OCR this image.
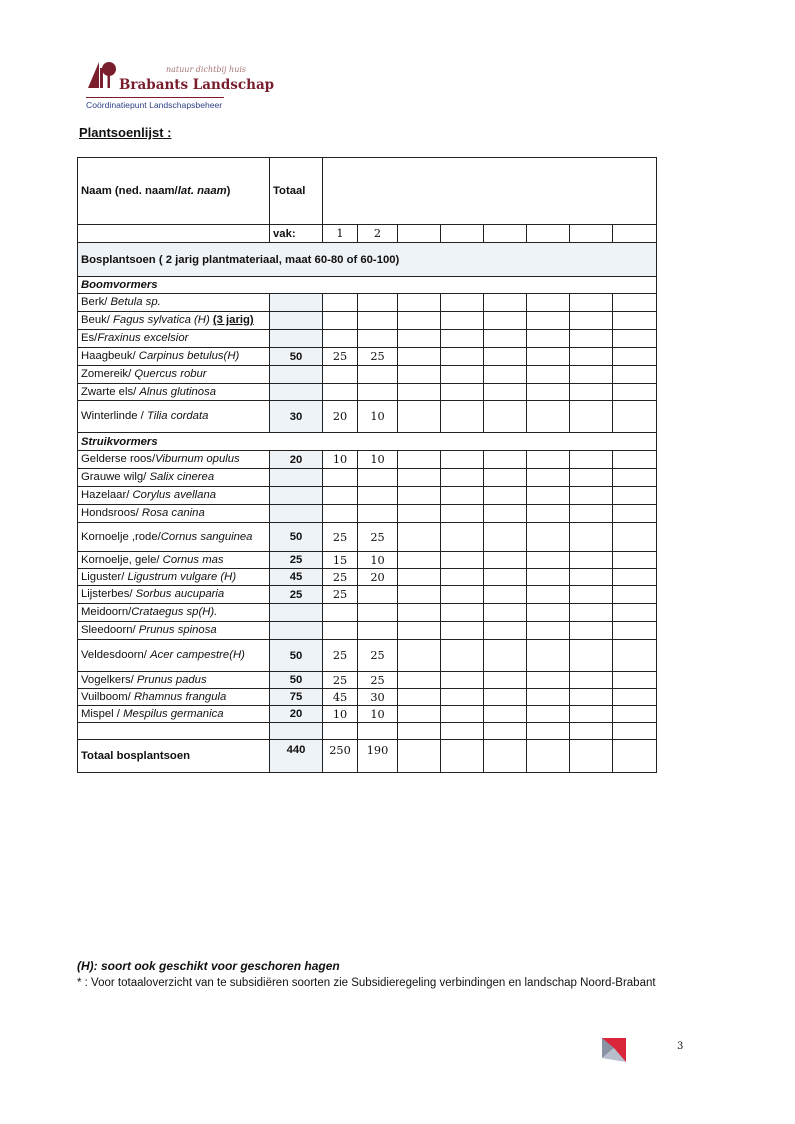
natuur dichtbij huis
Brabants Landschap
Coördinatiepunt Landschapsbeheer
Plantsoenlijst :
Naam (ned. naam/lat. naam)	Totaal								
	vak:	1	2						
Bosplantsoen ( 2 jarig plantmateriaal, maat 60-80 of 60-100)									
Boomvormers									
Berk/ Betula sp.									
Beuk/ Fagus sylvatica (H) (3 jarig)									
Es/Fraxinus excelsior									
Haagbeuk/ Carpinus betulus(H)	50	25	25						
Zomereik/ Quercus robur									
Zwarte els/ Alnus glutinosa									
Winterlinde / Tilia cordata	30	20	10						
Struikvormers									
Gelderse roos/Viburnum opulus	20	10	10						
Grauwe wilg/ Salix cinerea									
Hazelaar/ Corylus avellana									
Hondsroos/ Rosa canina									
Kornoelje ,rode/Cornus sanguinea	50	25	25						
Kornoelje, gele/ Cornus mas	25	15	10						
Liguster/ Ligustrum vulgare (H)	45	25	20						
Lijsterbes/ Sorbus aucuparia	25	25							
Meidoorn/Crataegus sp(H).									
Sleedoorn/ Prunus spinosa									
Veldesdoorn/ Acer campestre(H)	50	25	25						
Vogelkers/ Prunus padus	50	25	25						
Vuilboom/ Rhamnus frangula	75	45	30						
Mispel / Mespilus germanica	20	10	10						

Totaal bosplantsoen	440	250	190						
(H): soort ook geschikt voor geschoren hagen
* : Voor totaaloverzicht van te subsidiëren soorten zie Subsidieregeling verbindingen en landschap Noord-Brabant
3
